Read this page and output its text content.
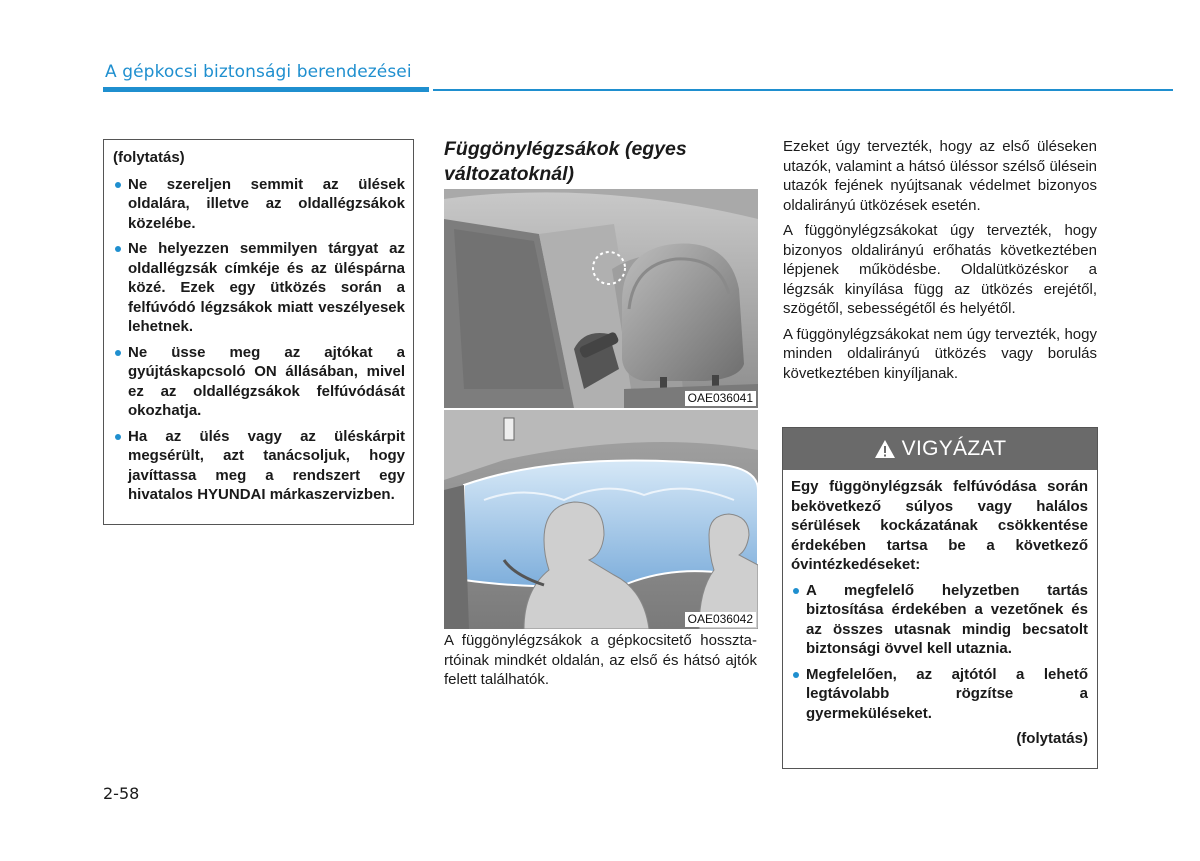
A gépkocsi biztonsági berendezései
(folytatás)
Ne szereljen semmit az ülések oldalára, illetve az oldallégzsákok közelébe.
Ne helyezzen semmilyen tárgyat az oldallégzsák címkéje és az üléspárna közé. Ezek egy ütközés során a felfúvódó légzsákok miatt veszélyesek lehetnek.
Ne üsse meg az ajtókat a gyújtáskapcsoló ON állásában, mivel ez az oldallégzsákok felfúvódását okozhatja.
Ha az ülés vagy az üléskárpit megsérült, azt tanácsoljuk, hogy javíttassa meg a rendszert egy hivatalos HYUNDAI márkaszervizben.
Függönylégzsákok (egyes változatoknál)
OAE036041
OAE036042
A függönylégzsákok a gépkocsitető hossztartóinak mindkét oldalán, az első és hátsó ajtók felett találhatók.

Ezeket úgy tervezték, hogy az első üléseken utazók, valamint a hátsó üléssor szélső ülésein utazók fejének nyújtsanak védelmet bizonyos oldalirányú ütközések esetén.

A függönylégzsákokat úgy tervezték, hogy bizonyos oldalirányú erőhatás következtében lépjenek működésbe. Oldalütközéskor a légzsák kinyílása függ az ütközés erejétől, szögétől, sebességétől és helyétől.

A függönylégzsákokat nem úgy tervezték, hogy minden oldalirányú ütközés vagy borulás következtében kinyíljanak.

VIGYÁZAT

Egy függönylégzsák felfúvódása során bekövetkező súlyos vagy halálos sérülések kockázatának csökkentése érdekében tartsa be a következő óvintézkedéseket:

A megfelelő helyzetben tartás biztosítása érdekében a vezetőnek és az összes utasnak mindig becsatolt biztonsági övvel kell utaznia.
Megfelelően, az ajtótól a lehető legtávolabb rögzítse a gyermeküléseket.
(folytatás)
2-58
